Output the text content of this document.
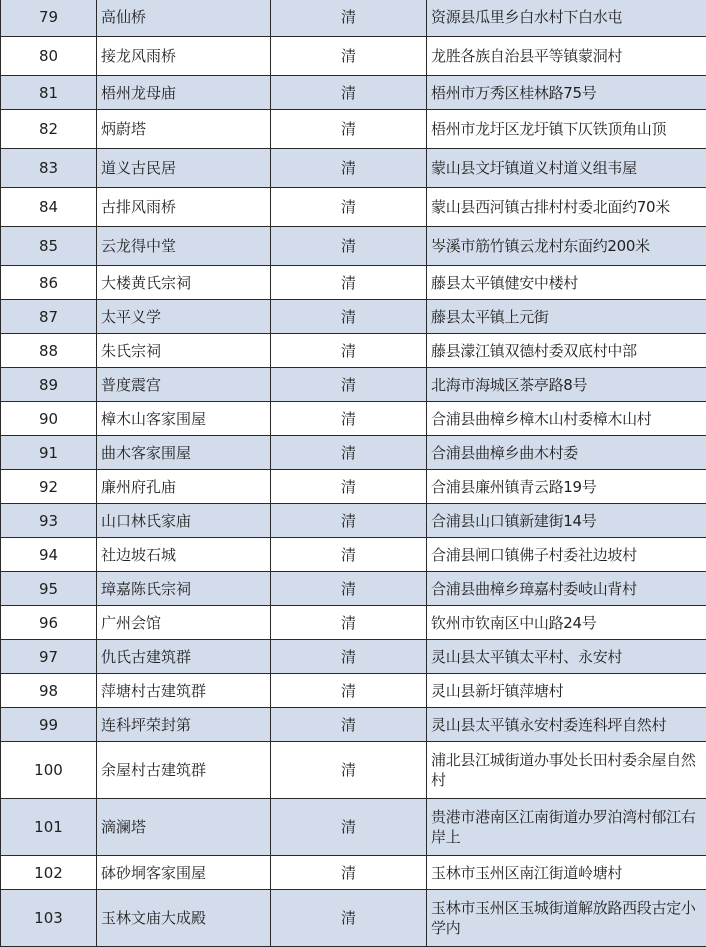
79	高仙桥	清	资源县瓜里乡白水村下白水屯
80	接龙风雨桥	清	龙胜各族自治县平等镇蒙洞村
81	梧州龙母庙	清	梧州市万秀区桂林路75号
82	炳蔚塔	清	梧州市龙圩区龙圩镇下仄铁顶角山顶
83	道义古民居	清	蒙山县文圩镇道义村道义组韦屋
84	古排风雨桥	清	蒙山县西河镇古排村村委北面约70米
85	云龙得中堂	清	岑溪市筋竹镇云龙村东面约200米
86	大楼黄氏宗祠	清	藤县太平镇健安中楼村
87	太平义学	清	藤县太平镇上元街
88	朱氏宗祠	清	藤县濛江镇双德村委双底村中部
89	普度震宫	清	北海市海城区茶亭路8号
90	樟木山客家围屋	清	合浦县曲樟乡樟木山村委樟木山村
91	曲木客家围屋	清	合浦县曲樟乡曲木村委
92	廉州府孔庙	清	合浦县廉州镇青云路19号
93	山口林氏家庙	清	合浦县山口镇新建街14号
94	社边坡石城	清	合浦县闸口镇佛子村委社边坡村
95	璋嘉陈氏宗祠	清	合浦县曲樟乡璋嘉村委岐山背村
96	广州会馆	清	钦州市钦南区中山路24号
97	仇氏古建筑群	清	灵山县太平镇太平村、永安村
98	萍塘村古建筑群	清	灵山县新圩镇萍塘村
99	连科坪荣封第	清	灵山县太平镇永安村委连科坪自然村
100	余屋村古建筑群	清	浦北县江城街道办事处长田村委余屋自然村
101	滴澜塔	清	贵港市港南区江南街道办罗泊湾村郁江右岸上
102	砵砂垌客家围屋	清	玉林市玉州区南江街道岭塘村
103	玉林文庙大成殿	清	玉林市玉州区玉城街道解放路西段古定小学内
